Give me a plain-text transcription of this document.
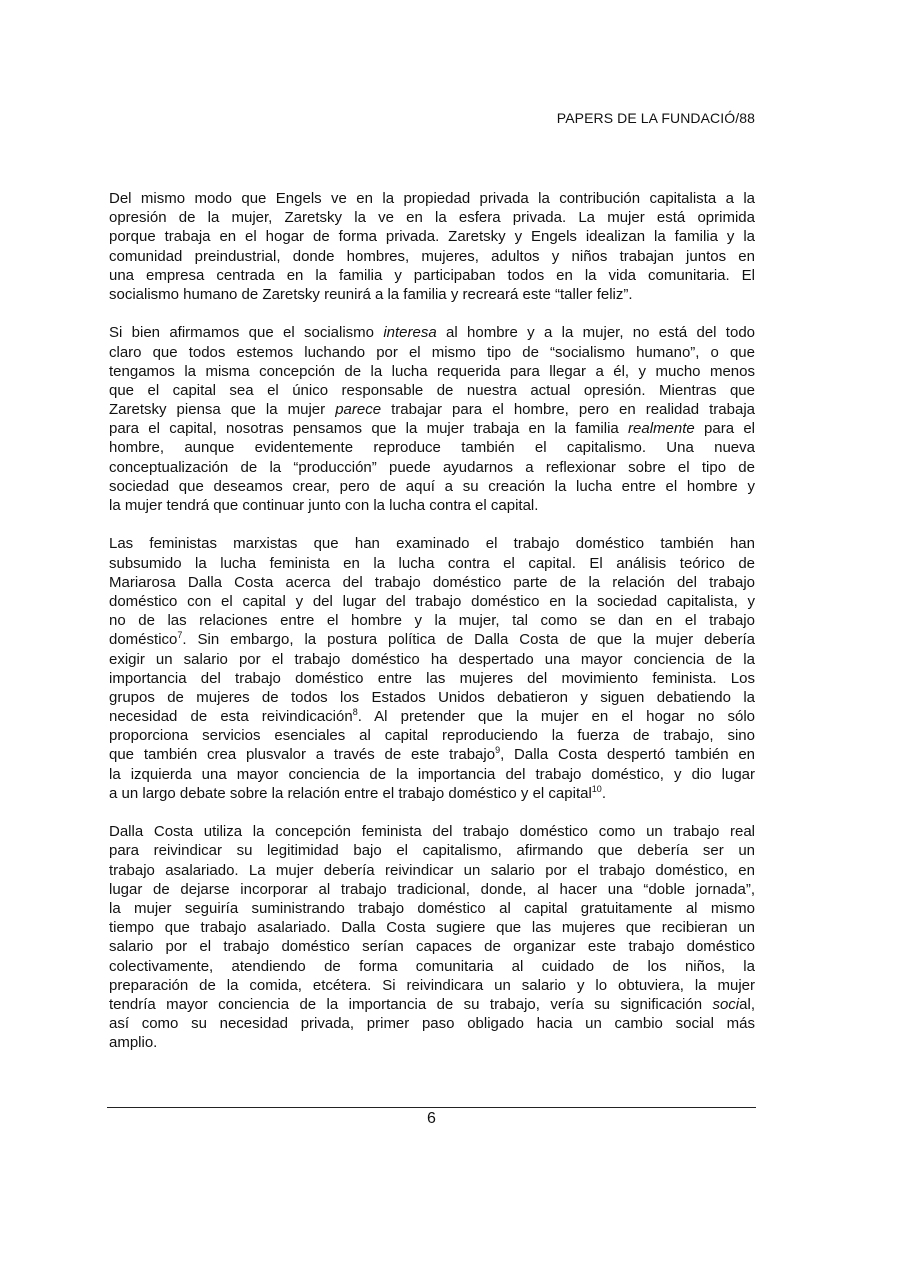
PAPERS DE LA FUNDACIÓ/88
Del mismo modo que Engels ve en la propiedad privada la contribución capitalista a la
opresión de la mujer, Zaretsky la ve en la esfera privada. La mujer está oprimida
porque trabaja en el hogar de forma privada. Zaretsky y Engels idealizan la familia y la
comunidad preindustrial, donde hombres, mujeres, adultos y niños trabajan juntos en
una empresa centrada en la familia y participaban todos en la vida comunitaria. El
socialismo humano de Zaretsky reunirá a la familia y recreará este “taller feliz”.
Si bien afirmamos que el socialismo interesa al hombre y a la mujer, no está del todo
claro que todos estemos luchando por el mismo tipo de “socialismo humano”, o que
tengamos la misma concepción de la lucha requerida para llegar a él, y mucho menos
que el capital sea el único responsable de nuestra actual opresión. Mientras que
Zaretsky piensa que la mujer parece trabajar para el hombre, pero en realidad trabaja
para el capital, nosotras pensamos que la mujer trabaja en la familia realmente para el
hombre, aunque evidentemente reproduce también el capitalismo. Una nueva
conceptualización de la “producción” puede ayudarnos a reflexionar sobre el tipo de
sociedad que deseamos crear, pero de aquí a su creación la lucha entre el hombre y
la mujer tendrá que continuar junto con la lucha contra el capital.
Las feministas marxistas que han examinado el trabajo doméstico también han
subsumido la lucha feminista en la lucha contra el capital. El análisis teórico de
Mariarosa Dalla Costa acerca del trabajo doméstico parte de la relación del trabajo
doméstico con el capital y del lugar del trabajo doméstico en la sociedad capitalista, y
no de las relaciones entre el hombre y la mujer, tal como se dan en el trabajo
doméstico$^7$. Sin embargo, la postura política de Dalla Costa de que la mujer debería
exigir un salario por el trabajo doméstico ha despertado una mayor conciencia de la
importancia del trabajo doméstico entre las mujeres del movimiento feminista. Los
grupos de mujeres de todos los Estados Unidos debatieron y siguen debatiendo la
necesidad de esta reivindicación$^8$. Al pretender que la mujer en el hogar no sólo
proporciona servicios esenciales al capital reproduciendo la fuerza de trabajo, sino
que también crea plusvalor a través de este trabajo$^9$, Dalla Costa despertó también en
la izquierda una mayor conciencia de la importancia del trabajo doméstico, y dio lugar
a un largo debate sobre la relación entre el trabajo doméstico y el capital$^{10}$.
Dalla Costa utiliza la concepción feminista del trabajo doméstico como un trabajo real
para reivindicar su legitimidad bajo el capitalismo, afirmando que debería ser un
trabajo asalariado. La mujer debería reivindicar un salario por el trabajo doméstico, en
lugar de dejarse incorporar al trabajo tradicional, donde, al hacer una “doble jornada”,
la mujer seguiría suministrando trabajo doméstico al capital gratuitamente al mismo
tiempo que trabajo asalariado. Dalla Costa sugiere que las mujeres que recibieran un
salario por el trabajo doméstico serían capaces de organizar este trabajo doméstico
colectivamente, atendiendo de forma comunitaria al cuidado de los niños, la
preparación de la comida, etcétera. Si reivindicara un salario y lo obtuviera, la mujer
tendría mayor conciencia de la importancia de su trabajo, vería su significación social,
así como su necesidad privada, primer paso obligado hacia un cambio social más
amplio.
6
